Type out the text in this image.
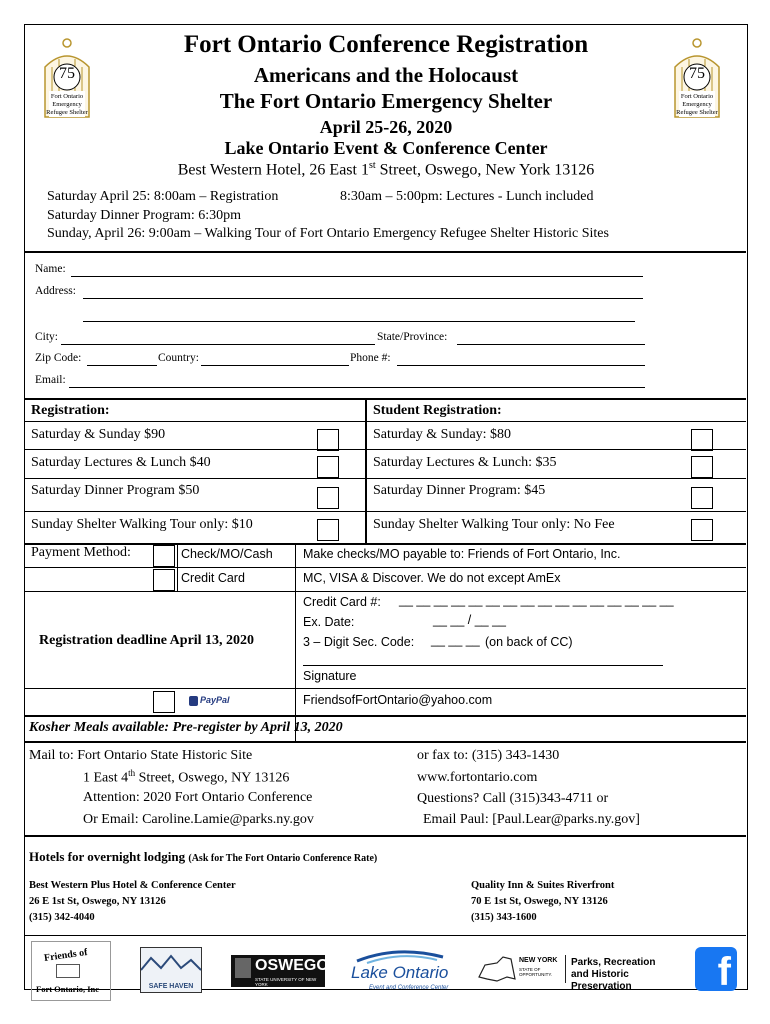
75
Fort Ontario
Emergency
Refugee Shelter
75
Fort Ontario
Emergency
Refugee Shelter
Fort Ontario Conference Registration
Americans and the Holocaust
The Fort Ontario Emergency Shelter
April 25-26, 2020
Lake Ontario Event & Conference Center
Best Western Hotel, 26 East 1st Street, Oswego, New York 13126
Saturday April 25: 8:00am – Registration	8:30am – 5:00pm: Lectures - Lunch included
Saturday Dinner Program: 6:30pm
Sunday, April 26: 9:00am – Walking Tour of Fort Ontario Emergency Refugee Shelter Historic Sites
Name:
Address:
City:	State/Province:
Zip Code:	Country:	Phone #:
Email:
Registration:	Student Registration:
Saturday & Sunday $90	Saturday & Sunday: $80
Saturday Lectures & Lunch $40	Saturday Lectures & Lunch: $35
Saturday Dinner Program $50	Saturday Dinner Program: $45
Sunday Shelter Walking Tour only: $10	Sunday Shelter Walking Tour only: No Fee
Payment Method:	Check/MO/Cash Make checks/MO payable to: Friends of Fort Ontario, Inc.
Credit Card	MC, VISA & Discover. We do not except AmEx
Credit Card #: __ __ __ __ __ __ __ __ __ __ __ __ __ __ __ __
Ex. Date:	__ __ / __ __
3 – Digit Sec. Code: __ __ __ (on back of CC)
Signature
Registration deadline April 13, 2020
PayPal	FriendsofFortOntario@yahoo.com
Kosher Meals available: Pre-register by April 13, 2020
Mail to: Fort Ontario State Historic Site
1 East 4th Street, Oswego, NY 13126
Attention: 2020 Fort Ontario Conference
Or Email: Caroline.Lamie@parks.ny.gov
or fax to: (315) 343-1430
www.fortontario.com
Questions? Call (315)343-4711 or
Email Paul: [Paul.Lear@parks.ny.gov]
Hotels for overnight lodging (Ask for The Fort Ontario Conference Rate)
Best Western Plus Hotel & Conference Center
26 E 1st St, Oswego, NY 13126
(315) 342-4040
Quality Inn & Suites Riverfront
70 E 1st St, Oswego, NY 13126
(315) 343-1600
Friends of
Fort Ontario, Inc	SAFE HAVEN
OSWEGO
STATE UNIVERSITY OF NEW YORK
Lake Ontario
Event and Conference Center
NEW YORK
STATE OF OPPORTUNITY.
Parks, Recreation
and Historic Preservation	f
